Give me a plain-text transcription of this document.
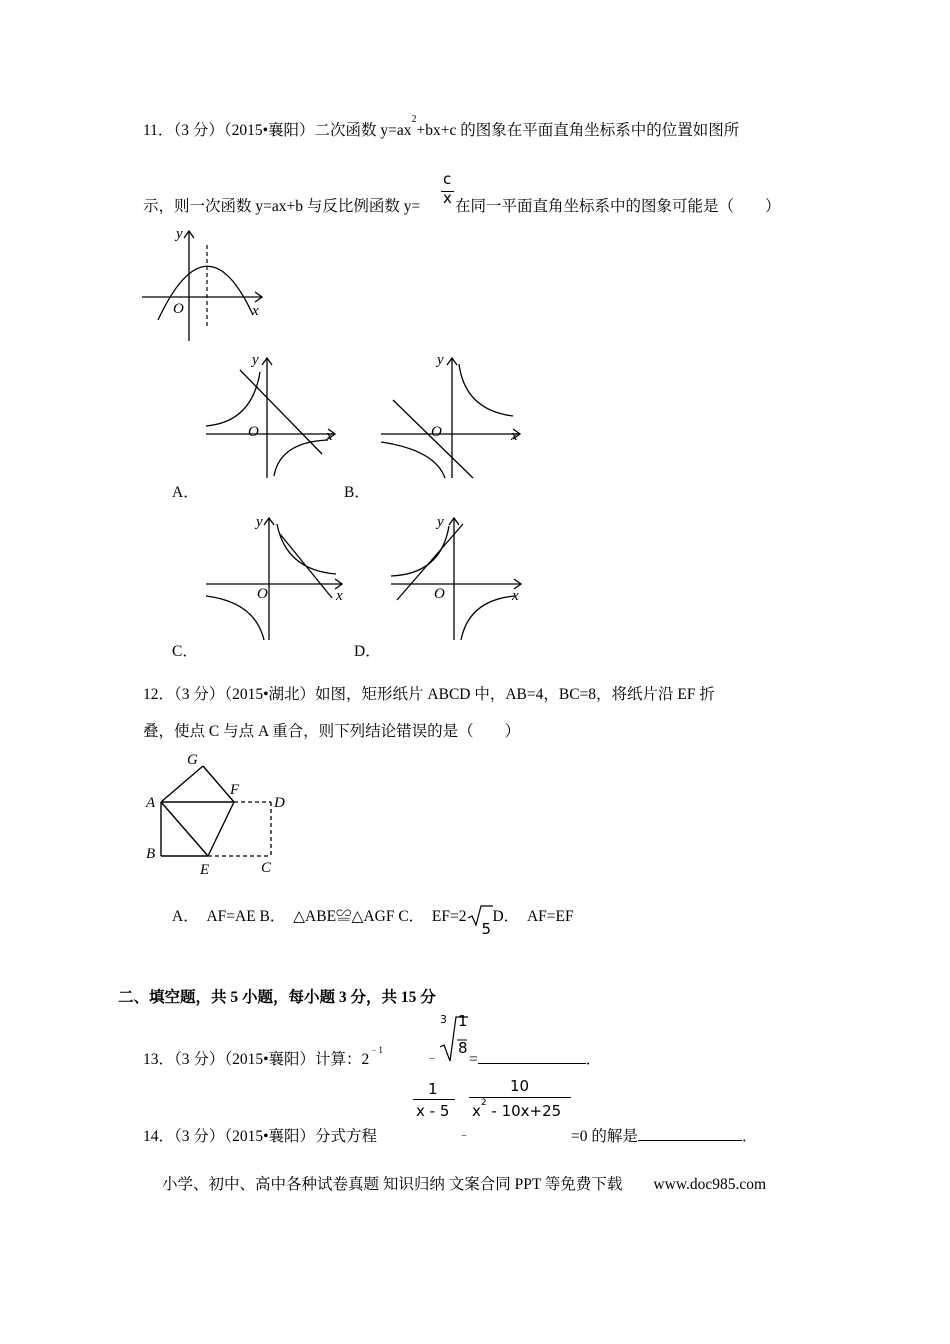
11．（3 分）（2015•襄阳）二次函数 $y=ax^2+bx+c$ 的图象在平面直角坐标系中的位置如图所
示，则一次函数 y=ax+b 与反比例函数 y=
c
x 在同一平面直角坐标系中的图象可能是（　　）
y
x
O
y
x
O
A．
y
x
O
B．
y
x
O
C．
y
x
O
D．
12．（3 分）（2015•湖北）如图，矩形纸片 ABCD 中，AB=4，BC=8，将纸片沿 EF 折
叠，使点 C 与点 A 重合，则下列结论错误的是（　　）
G
A
F
D
B
E	C
A．　AF=AE B．　△ABE≌△AGF C．　EF=2
5
D．　AF=EF
二、填空题，共 5 小题，每小题 3 分，共 15 分
13．（3 分）（2015•襄阳）计算：$2^{﹣1}$	﹣
3 1
8
=	．
14．（3 分）（2015•襄阳）分式方程
1
x - 5
﹣
10
$x^2 - 10x+25$
=0 的解是	．
小学、初中、高中各种试卷真题 知识归纳 文案合同 PPT 等免费下载　　www.doc985.com
